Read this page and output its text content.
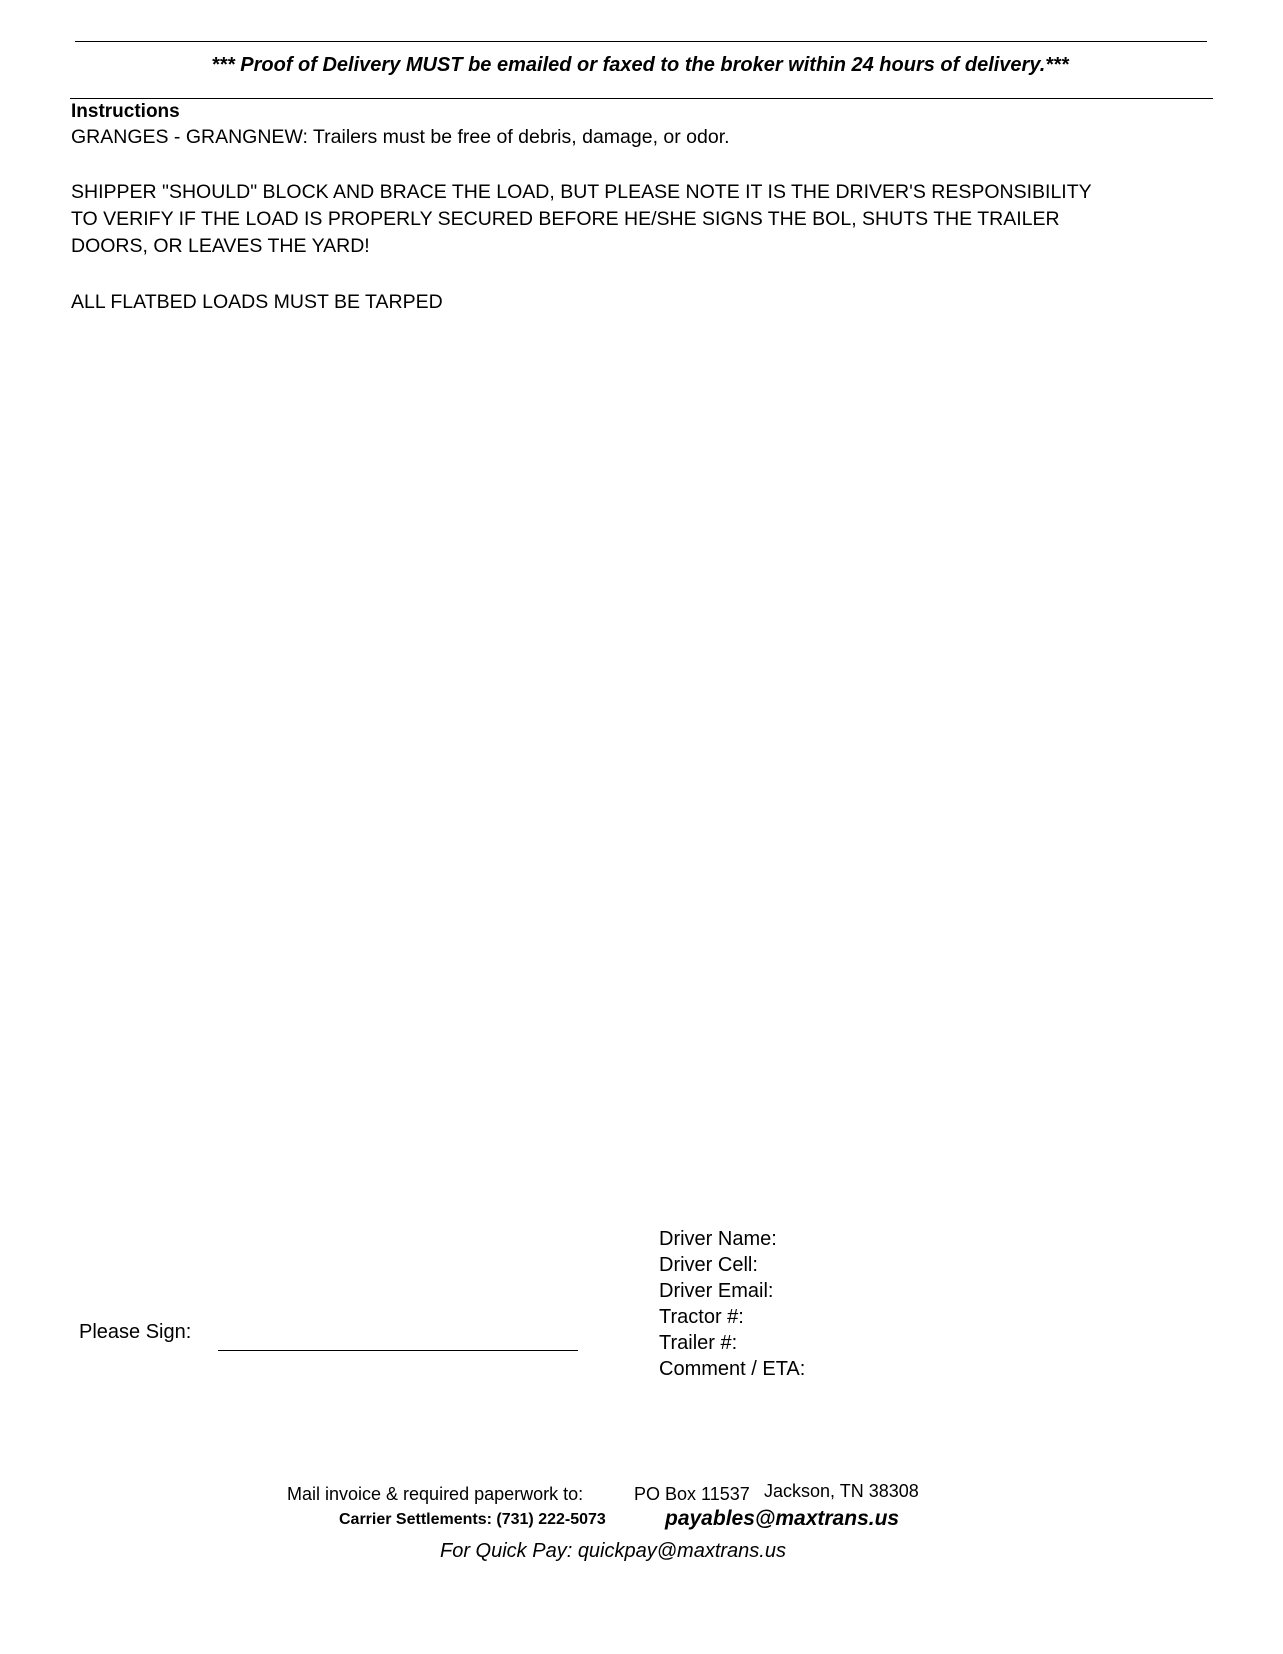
*** Proof of Delivery MUST be emailed or faxed to the broker within 24 hours of delivery.***
Instructions

GRANGES - GRANGNEW: Trailers must be free of debris, damage, or odor.

SHIPPER "SHOULD" BLOCK AND BRACE THE LOAD, BUT PLEASE NOTE IT IS THE DRIVER'S RESPONSIBILITY

TO VERIFY IF THE LOAD IS PROPERLY SECURED BEFORE HE/SHE SIGNS THE BOL, SHUTS THE TRAILER

DOORS, OR LEAVES THE YARD!

ALL FLATBED LOADS MUST BE TARPED

Please Sign:
Driver Name:
Driver Cell:
Driver Email:
Tractor #:
Trailer #:
Comment / ETA:
Mail invoice & required paperwork to:	PO Box 11537 Jackson, TN 38308
Carrier Settlements: (731) 222-5073	payables@maxtrans.us
For Quick Pay: quickpay@maxtrans.us
